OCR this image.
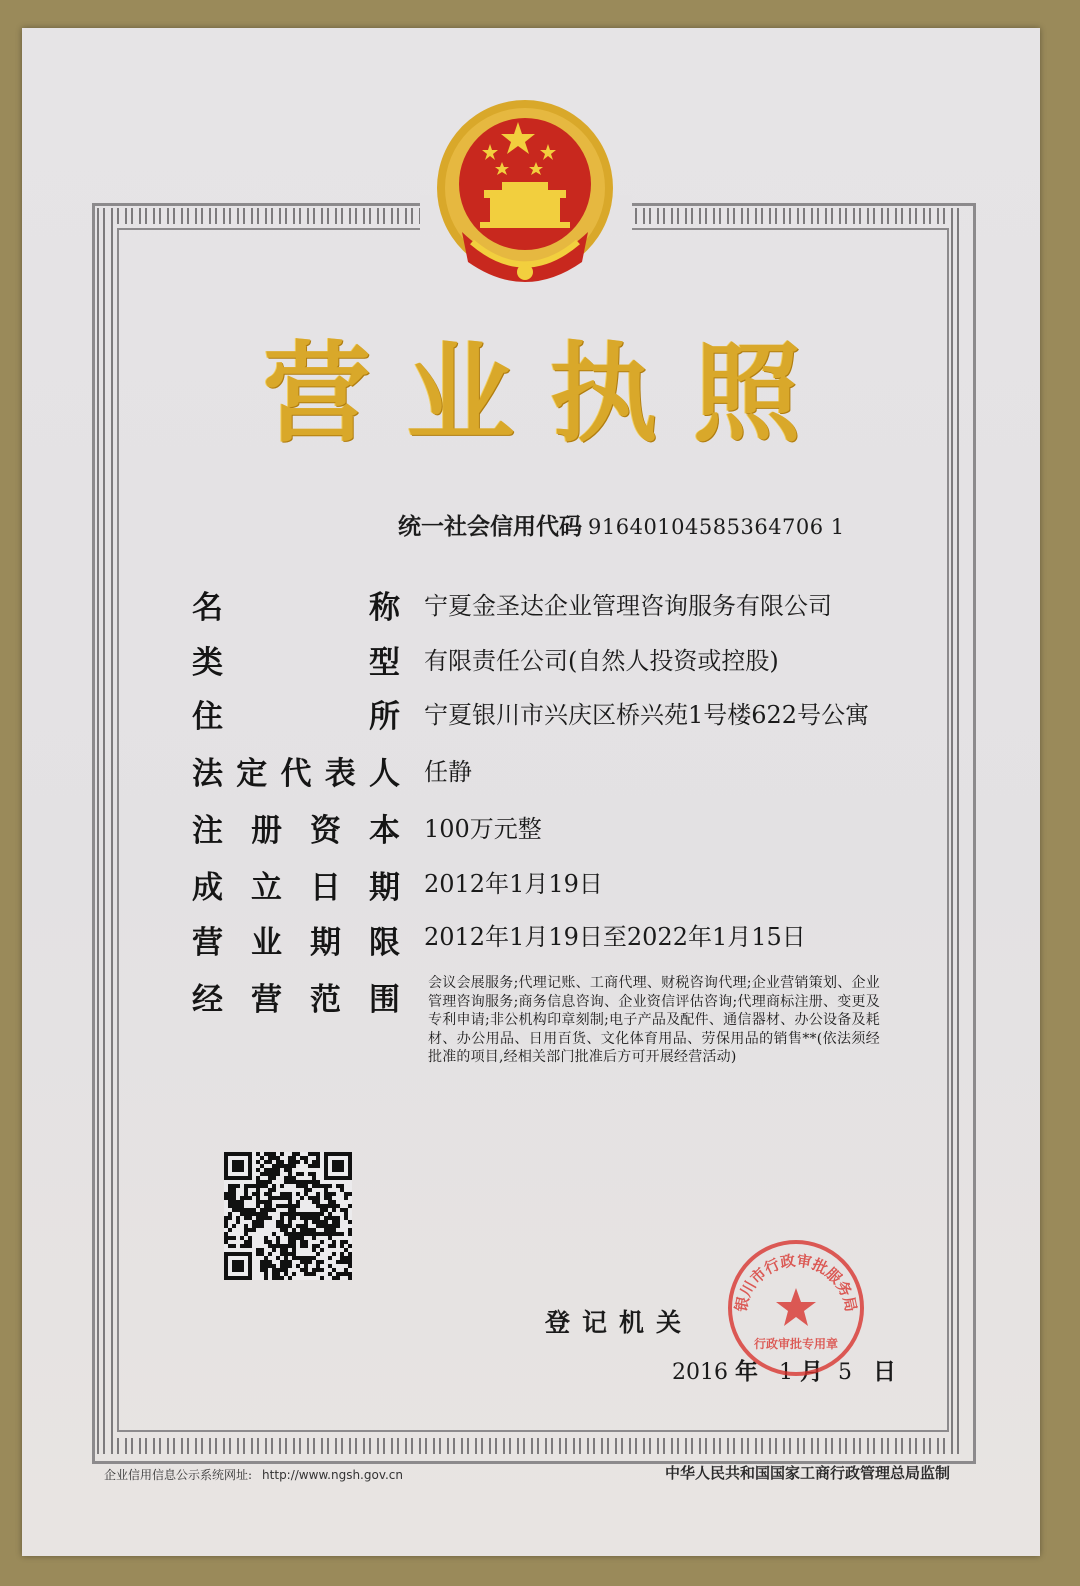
营 业 执 照
统一社会信用代码 91640104585364706 1
名	称 宁夏金圣达企业管理咨询服务有限公司
类	型 有限责任公司(自然人投资或控股)
住	所 宁夏银川市兴庆区桥兴苑1号楼622号公寓
法 定 代 表 人 任静
注 册 资 本 100万元整
成 立 日 期 2012年1月19日
营 业 期 限 2012年1月19日至2022年1月15日
经 营 范 围 会议会展服务;代理记账、工商代理、财税咨询代理;企业营销策划、企业管理咨询服务;商务信息咨询、企业资信评估咨询;代理商标注册、变更及专利申请;非公机构印章刻制;电子产品及配件、通信器材、办公设备及耗材、办公用品、日用百货、文化体育用品、劳保用品的销售**(依法须经批准的项目,经相关部门批准后方可开展经营活动)
登记机关
2016 年 1 月 5 日
银川市行政审批服务局
行政审批专用章
企业信用信息公示系统网址: http://www.ngsh.gov.cn	中华人民共和国国家工商行政管理总局监制
